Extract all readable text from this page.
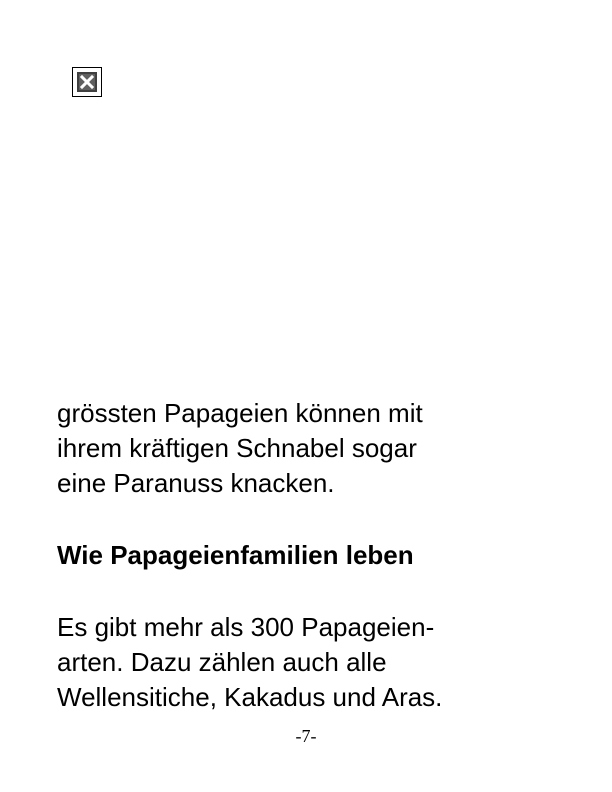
grössten Papageien können mit
ihrem kräftigen Schnabel sogar
eine Paranuss knacken.
Wie Papageienfamilien leben
Es gibt mehr als 300 Papageien-
arten. Dazu zählen auch alle
Wellensitiche, Kakadus und Aras.
-7-
